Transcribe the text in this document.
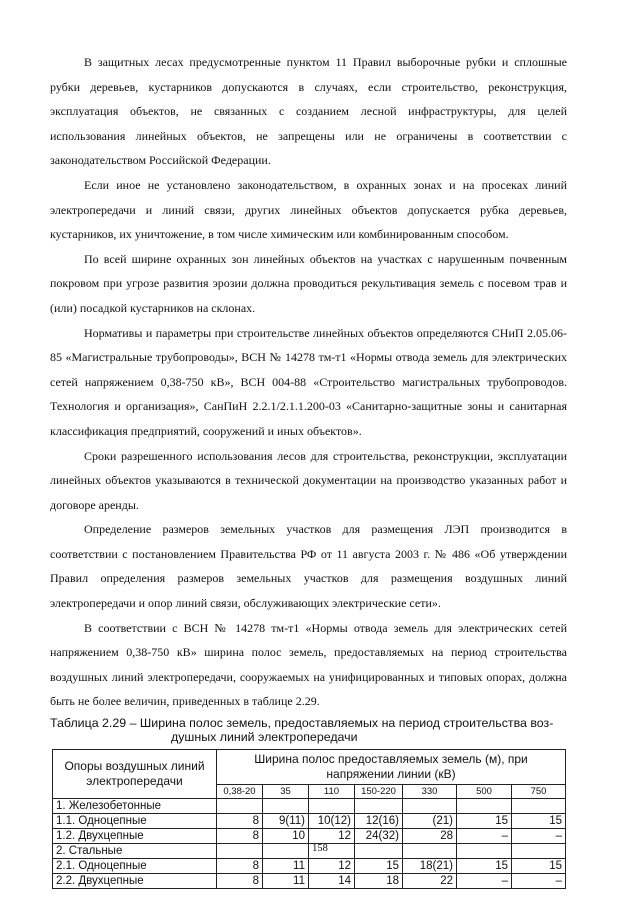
В защитных лесах предусмотренные пунктом 11 Правил выборочные рубки и сплошные рубки деревьев, кустарников допускаются в случаях, если строительство, реконструкция, эксплуатация объектов, не связанных с созданием лесной инфраструктуры, для целей использования линейных объектов, не запрещены или не ограничены в соответствии с законодательством Российской Федерации.

Если иное не установлено законодательством, в охранных зонах и на просеках линий электропередачи и линий связи, других линейных объектов допускается рубка деревьев, кустарников, их уничтожение, в том числе химическим или комбинированным способом.

По всей ширине охранных зон линейных объектов на участках с нарушенным почвенным покровом при угрозе развития эрозии должна проводиться рекультивация земель с посевом трав и (или) посадкой кустарников на склонах.

Нормативы и параметры при строительстве линейных объектов определяются СНиП 2.05.06-85 «Магистральные трубопроводы», ВСН № 14278 тм-т1 «Нормы отвода земель для электрических сетей напряжением 0,38-750 кВ», ВСН 004-88 «Строительство магистральных трубопроводов. Технология и организация», СанПиН 2.2.1/2.1.1.200-03 «Санитарно-защитные зоны и санитарная классификация предприятий, сооружений и иных объектов».

Сроки разрешенного использования лесов для строительства, реконструкции, эксплуатации линейных объектов указываются в технической документации на производство указанных работ и договоре аренды.

Определение размеров земельных участков для размещения ЛЭП производится в соответствии с постановлением Правительства РФ от 11 августа 2003 г. № 486 «Об утверждении Правил определения размеров земельных участков для размещения воздушных линий электропередачи и опор линий связи, обслуживающих электрические сети».

В соответствии с ВСН № 14278 тм-т1 «Нормы отвода земель для электрических сетей напряжением 0,38-750 кВ» ширина полос земель, предоставляемых на период строительства воздушных линий электропередачи, сооружаемых на унифицированных и типовых опорах, должна быть не более величин, приведенных в таблице 2.29.

Таблица 2.29 – Ширина полос земель, предоставляемых на период строительства воз-
душных линий электропередачи
Опоры воздушных линий электропередачи	Ширина полос предоставляемых земель (м), при напряжении линии (кВ)						
	0,38-20	35	110	150-220	330	500	750
1. Железобетонные							
1.1. Одноцепные	8	9(11)	10(12)	12(16)	(21)	15	15
1.2. Двухцепные	8	10	12	24(32)	28	–	–
2. Стальные							
2.1. Одноцепные	8	11	12	15	18(21)	15	15
2.2. Двухцепные	8	11	14	18	22	–	–
158
